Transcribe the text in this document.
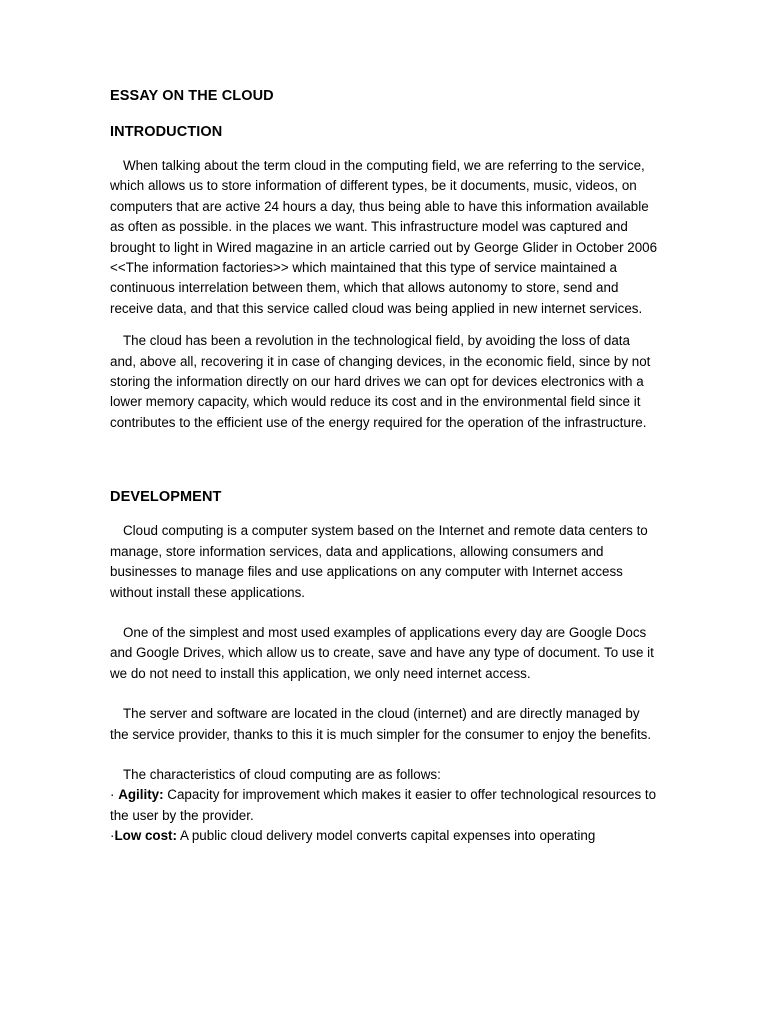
ESSAY ON THE CLOUD
INTRODUCTION

When talking about the term cloud in the computing field, we are referring to the service, which allows us to store information of different types, be it documents, music, videos, on computers that are active 24 hours a day, thus being able to have this information available as often as possible. in the places we want. This infrastructure model was captured and brought to light in Wired magazine in an article carried out by George Glider in October 2006 <<The information factories>> which maintained that this type of service maintained a continuous interrelation between them, which that allows autonomy to store, send and receive data, and that this service called cloud was being applied in new internet services.

The cloud has been a revolution in the technological field, by avoiding the loss of data and, above all, recovering it in case of changing devices, in the economic field, since by not storing the information directly on our hard drives we can opt for devices electronics with a lower memory capacity, which would reduce its cost and in the environmental field since it contributes to the efficient use of the energy required for the operation of the infrastructure.

DEVELOPMENT

Cloud computing is a computer system based on the Internet and remote data centers to manage, store information services, data and applications, allowing consumers and businesses to manage files and use applications on any computer with Internet access without install these applications.

One of the simplest and most used examples of applications every day are Google Docs and Google Drives, which allow us to create, save and have any type of document. To use it we do not need to install this application, we only need internet access.

The server and software are located in the cloud (internet) and are directly managed by the service provider, thanks to this it is much simpler for the consumer to enjoy the benefits.

The characteristics of cloud computing are as follows:

· Agility: Capacity for improvement which makes it easier to offer technological resources to the user by the provider.
·Low cost: A public cloud delivery model converts capital expenses into operating
